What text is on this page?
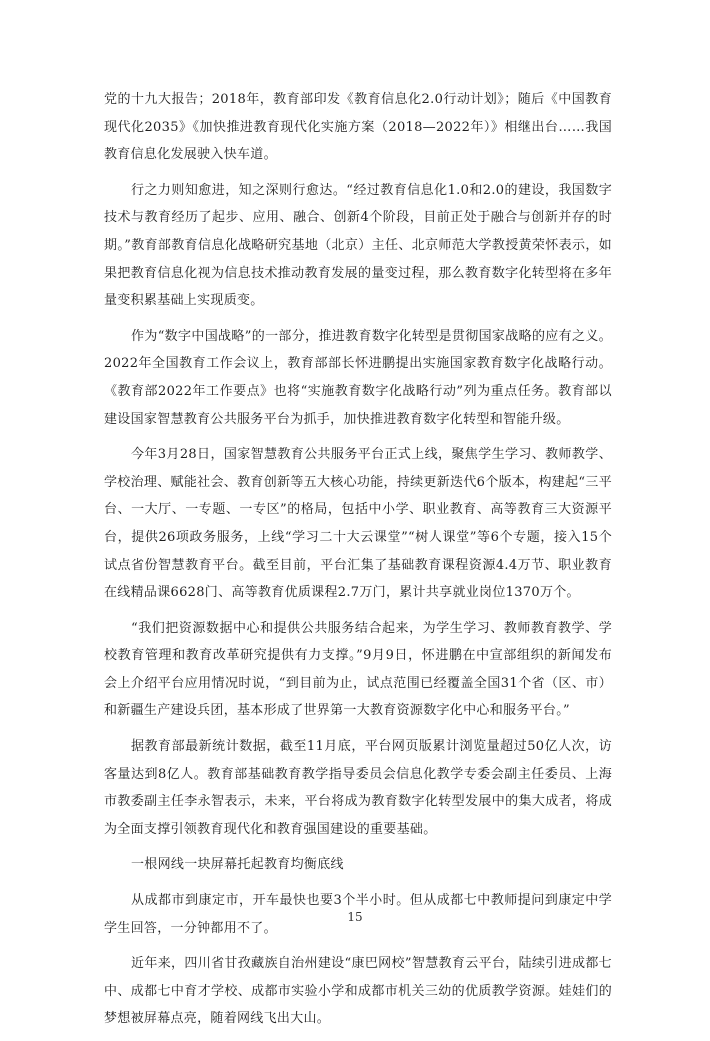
党的十九大报告；2018年，教育部印发《教育信息化2.0行动计划》；随后《中国教育现代化2035》《加快推进教育现代化实施方案（2018—2022年）》相继出台……我国教育信息化发展驶入快车道。

行之力则知愈进，知之深则行愈达。“经过教育信息化1.0和2.0的建设，我国数字技术与教育经历了起步、应用、融合、创新4个阶段，目前正处于融合与创新并存的时期。”教育部教育信息化战略研究基地（北京）主任、北京师范大学教授黄荣怀表示，如果把教育信息化视为信息技术推动教育发展的量变过程，那么教育数字化转型将在多年量变积累基础上实现质变。

作为“数字中国战略”的一部分，推进教育数字化转型是贯彻国家战略的应有之义。2022年全国教育工作会议上，教育部部长怀进鹏提出实施国家教育数字化战略行动。《教育部2022年工作要点》也将“实施教育数字化战略行动”列为重点任务。教育部以建设国家智慧教育公共服务平台为抓手，加快推进教育数字化转型和智能升级。

今年3月28日，国家智慧教育公共服务平台正式上线，聚焦学生学习、教师教学、学校治理、赋能社会、教育创新等五大核心功能，持续更新迭代6个版本，构建起“三平台、一大厅、一专题、一专区”的格局，包括中小学、职业教育、高等教育三大资源平台，提供26项政务服务，上线“学习二十大云课堂”“树人课堂”等6个专题，接入15个试点省份智慧教育平台。截至目前，平台汇集了基础教育课程资源4.4万节、职业教育在线精品课6628门、高等教育优质课程2.7万门，累计共享就业岗位1370万个。

“我们把资源数据中心和提供公共服务结合起来，为学生学习、教师教育教学、学校教育管理和教育改革研究提供有力支撑。”9月9日，怀进鹏在中宣部组织的新闻发布会上介绍平台应用情况时说，“到目前为止，试点范围已经覆盖全国31个省（区、市）和新疆生产建设兵团，基本形成了世界第一大教育资源数字化中心和服务平台。”

据教育部最新统计数据，截至11月底，平台网页版累计浏览量超过50亿人次，访客量达到8亿人。教育部基础教育教学指导委员会信息化教学专委会副主任委员、上海市教委副主任李永智表示，未来，平台将成为教育数字化转型发展中的集大成者，将成为全面支撑引领教育现代化和教育强国建设的重要基础。

一根网线一块屏幕托起教育均衡底线

从成都市到康定市，开车最快也要3个半小时。但从成都七中教师提问到康定中学学生回答，一分钟都用不了。

近年来，四川省甘孜藏族自治州建设“康巴网校”智慧教育云平台，陆续引进成都七中、成都七中育才学校、成都市实验小学和成都市机关三幼的优质教学资源。娃娃们的梦想被屏幕点亮，随着网线飞出大山。

15
